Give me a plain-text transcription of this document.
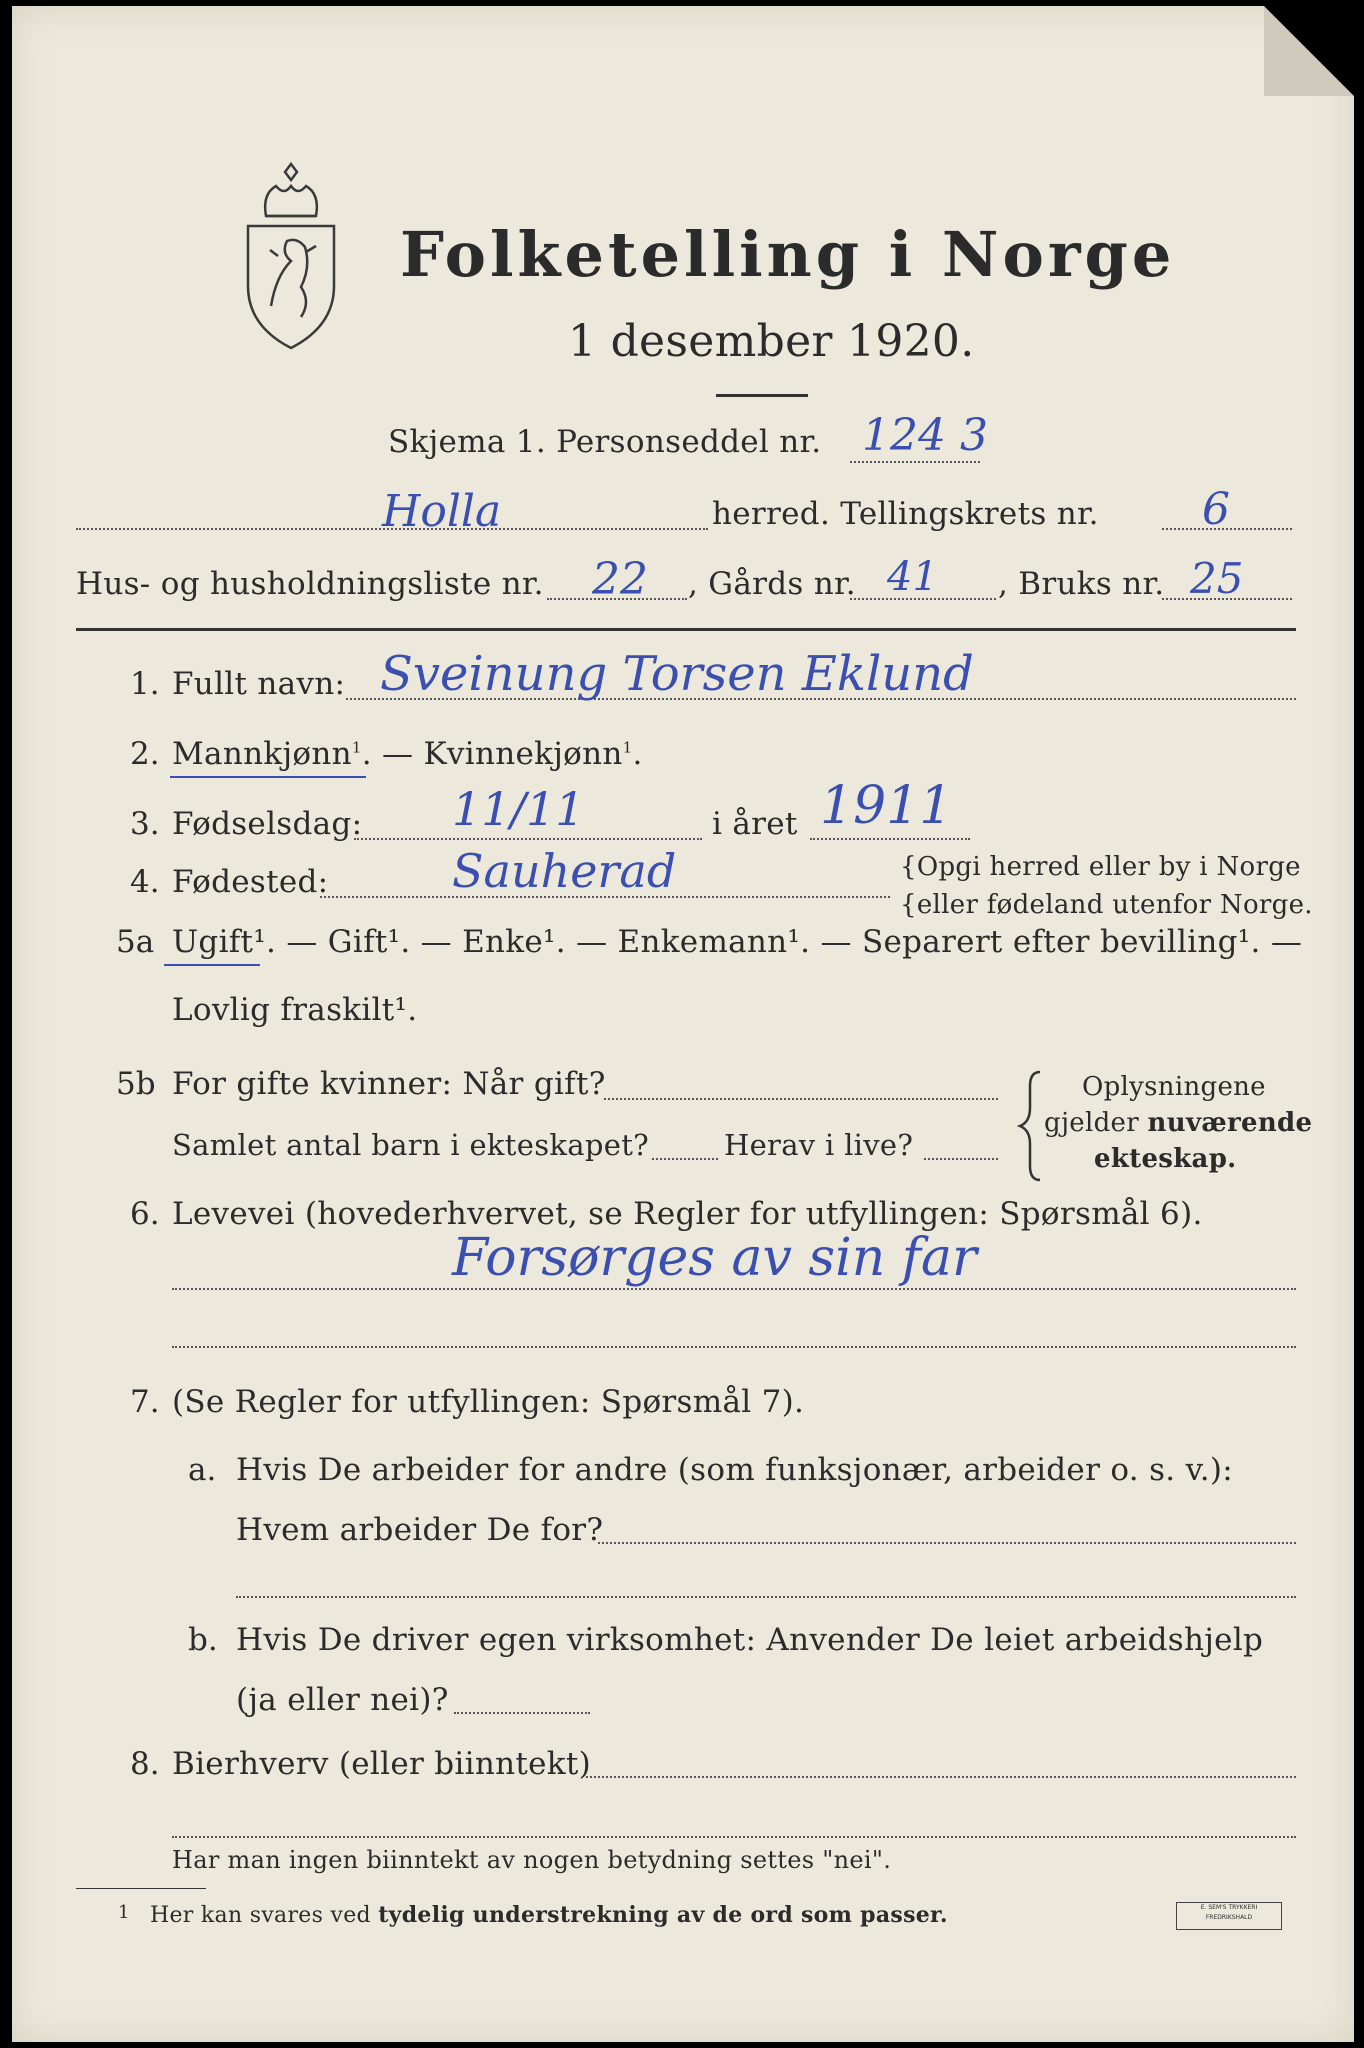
Folketelling i Norge
1 desember 1920.
Skjema 1. Personseddel nr. 124 3
Holla	herred. Tellingskrets nr. 6
Hus- og husholdningsliste nr. 22 , Gårds nr. 41 , Bruks nr. 25
1. Fullt navn: Sveinung Torsen Eklund
2. Mannkjønn$^1$. — Kvinnekjønn$^1$.
3. Fødselsdag: 11/11	i året 1911
4. Fødested:	Sauherad	{Opgi herred eller by i Norge
{eller fødeland utenfor Norge.
5a Ugift¹. — Gift¹. — Enke¹. — Enkemann¹. — Separert efter bevilling¹. —
Lovlig fraskilt¹.
5b For gifte kvinner: Når gift?
Samlet antal barn i ekteskapet?	Herav i live?
Oplysningene
gjelder nuværende
ekteskap.
6. Levevei (hovederhvervet, se Regler for utfyllingen: Spørsmål 6).
Forsørges av sin far
7. (Se Regler for utfyllingen: Spørsmål 7).
a. Hvis De arbeider for andre (som funksjonær, arbeider o. s. v.):
Hvem arbeider De for?
b. Hvis De driver egen virksomhet: Anvender De leiet arbeidshjelp
(ja eller nei)?
8. Bierhverv (eller biinntekt)
Har man ingen biinntekt av nogen betydning settes "nei".
1 Her kan svares ved tydelig understrekning av de ord som passer.	E. SEM'S TRYKKERI FREDRIKSHALD
